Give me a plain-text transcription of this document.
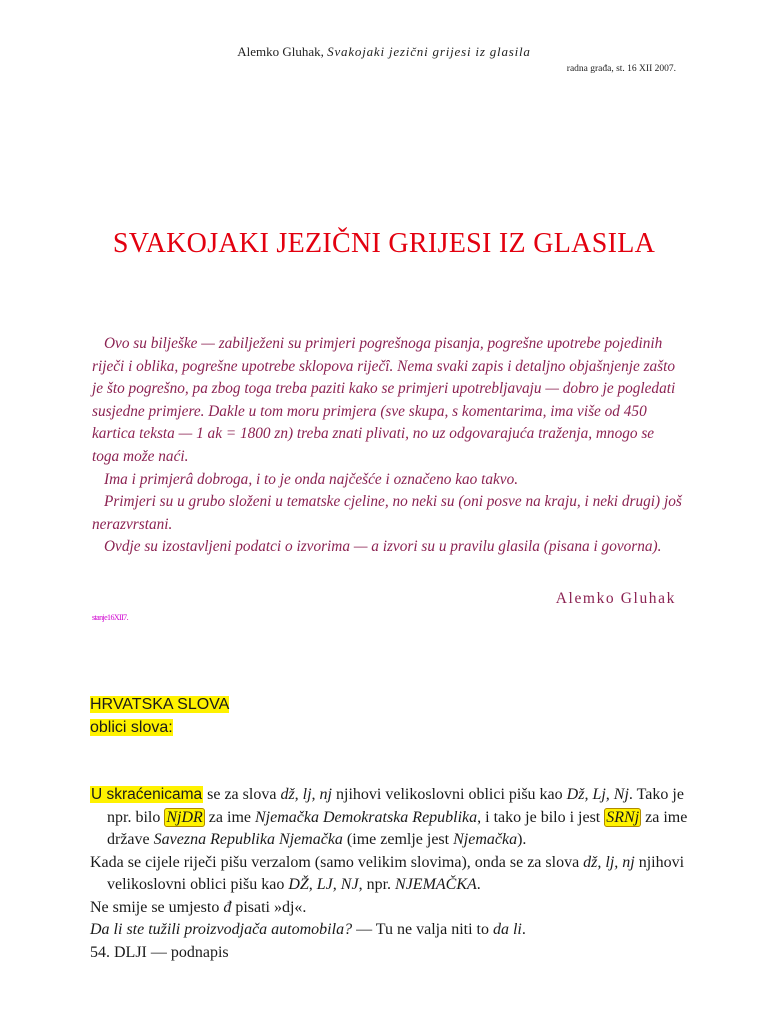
Alemko Gluhak, Svakojaki jezični grijesi iz glasila
radna građa, st. 16 XII 2007.
SVAKOJAKI JEZIČNI GRIJESI IZ GLASILA

Ovo su bilješke — zabilježeni su primjeri pogrešnoga pisanja, pogrešne upotrebe pojedinih riječi i oblika, pogrešne upotrebe sklopova riječî. Nema svaki zapis i detaljno objašnjenje zašto je što pogrešno, pa zbog toga treba paziti kako se primjeri upotrebljavaju — dobro je pogledati susjedne primjere. Dakle u tom moru primjera (sve skupa, s komentarima, ima više od 450 kartica teksta — 1 ak = 1800 zn) treba znati plivati, no uz odgovarajuća traženja, mnogo se toga može naći.

Ima i primjerâ dobroga, i to je onda najčešće i označeno kao takvo.

Primjeri su u grubo složeni u tematske cjeline, no neki su (oni posve na kraju, i neki drugi) još nerazvrstani.

Ovdje su izostavljeni podatci o izvorima — a izvori su u pravilu glasila (pisana i govorna).

Alemko Gluhak
stanje16XII7.
HRVATSKA SLOVA
oblici slova:

U skraćenicama se za slova dž, lj, nj njihovi velikoslovni oblici pišu kao Dž, Lj, Nj. Tako je npr. bilo NjDR za ime Njemačka Demokratska Republika, i tako je bilo i jest SRNj za ime države Savezna Republika Njemačka (ime zemlje jest Njemačka).

Kada se cijele riječi pišu verzalom (samo velikim slovima), onda se za slova dž, lj, nj njihovi velikoslovni oblici pišu kao DŽ, LJ, NJ, npr. NJEMAČKA.

Ne smije se umjesto đ pisati »dj«.

Da li ste tužili proizvodjača automobila? — Tu ne valja niti to da li.

54. DLJI — podnapis
